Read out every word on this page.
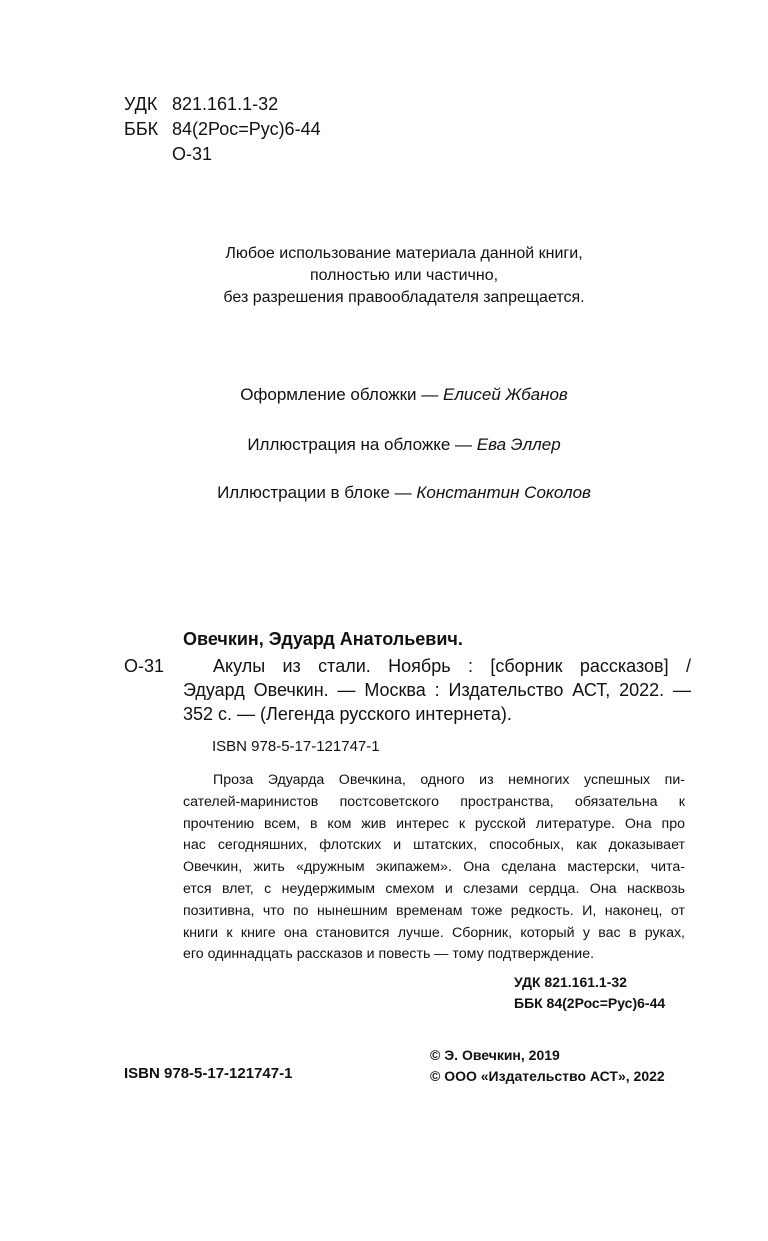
УДК 821.161.1-32
ББК 84(2Рос=Рус)6-44
О-31
Любое использование материала данной книги,
полностью или частично,
без разрешения правообладателя запрещается.
Оформление обложки — Елисей Жбанов
Иллюстрация на обложке — Ева Эллер
Иллюстрации в блоке — Константин Соколов
Овечкин, Эдуард Анатольевич.
О-31	Акулы из стали. Ноябрь : [сборник рассказов] /
Эдуард Овечкин. — Москва : Издательство АСТ, 2022. —
352 с. — (Легенда русского интернета).
ISBN 978-5-17-121747-1
Проза Эдуарда Овечкина, одного из немногих успешных пи-
сателей-маринистов постсоветского пространства, обязательна к
прочтению всем, в ком жив интерес к русской литературе. Она про
нас сегодняшних, флотских и штатских, способных, как доказывает
Овечкин, жить «дружным экипажем». Она сделана мастерски, чита-
ется влет, с неудержимым смехом и слезами сердца. Она насквозь
позитивна, что по нынешним временам тоже редкость. И, наконец, от
книги к книге она становится лучше. Сборник, который у вас в руках,
его одиннадцать рассказов и повесть — тому подтверждение.
УДК 821.161.1-32
ББК 84(2Рос=Рус)6-44
ISBN 978-5-17-121747-1
© Э. Овечкин, 2019
© ООО «Издательство АСТ», 2022
